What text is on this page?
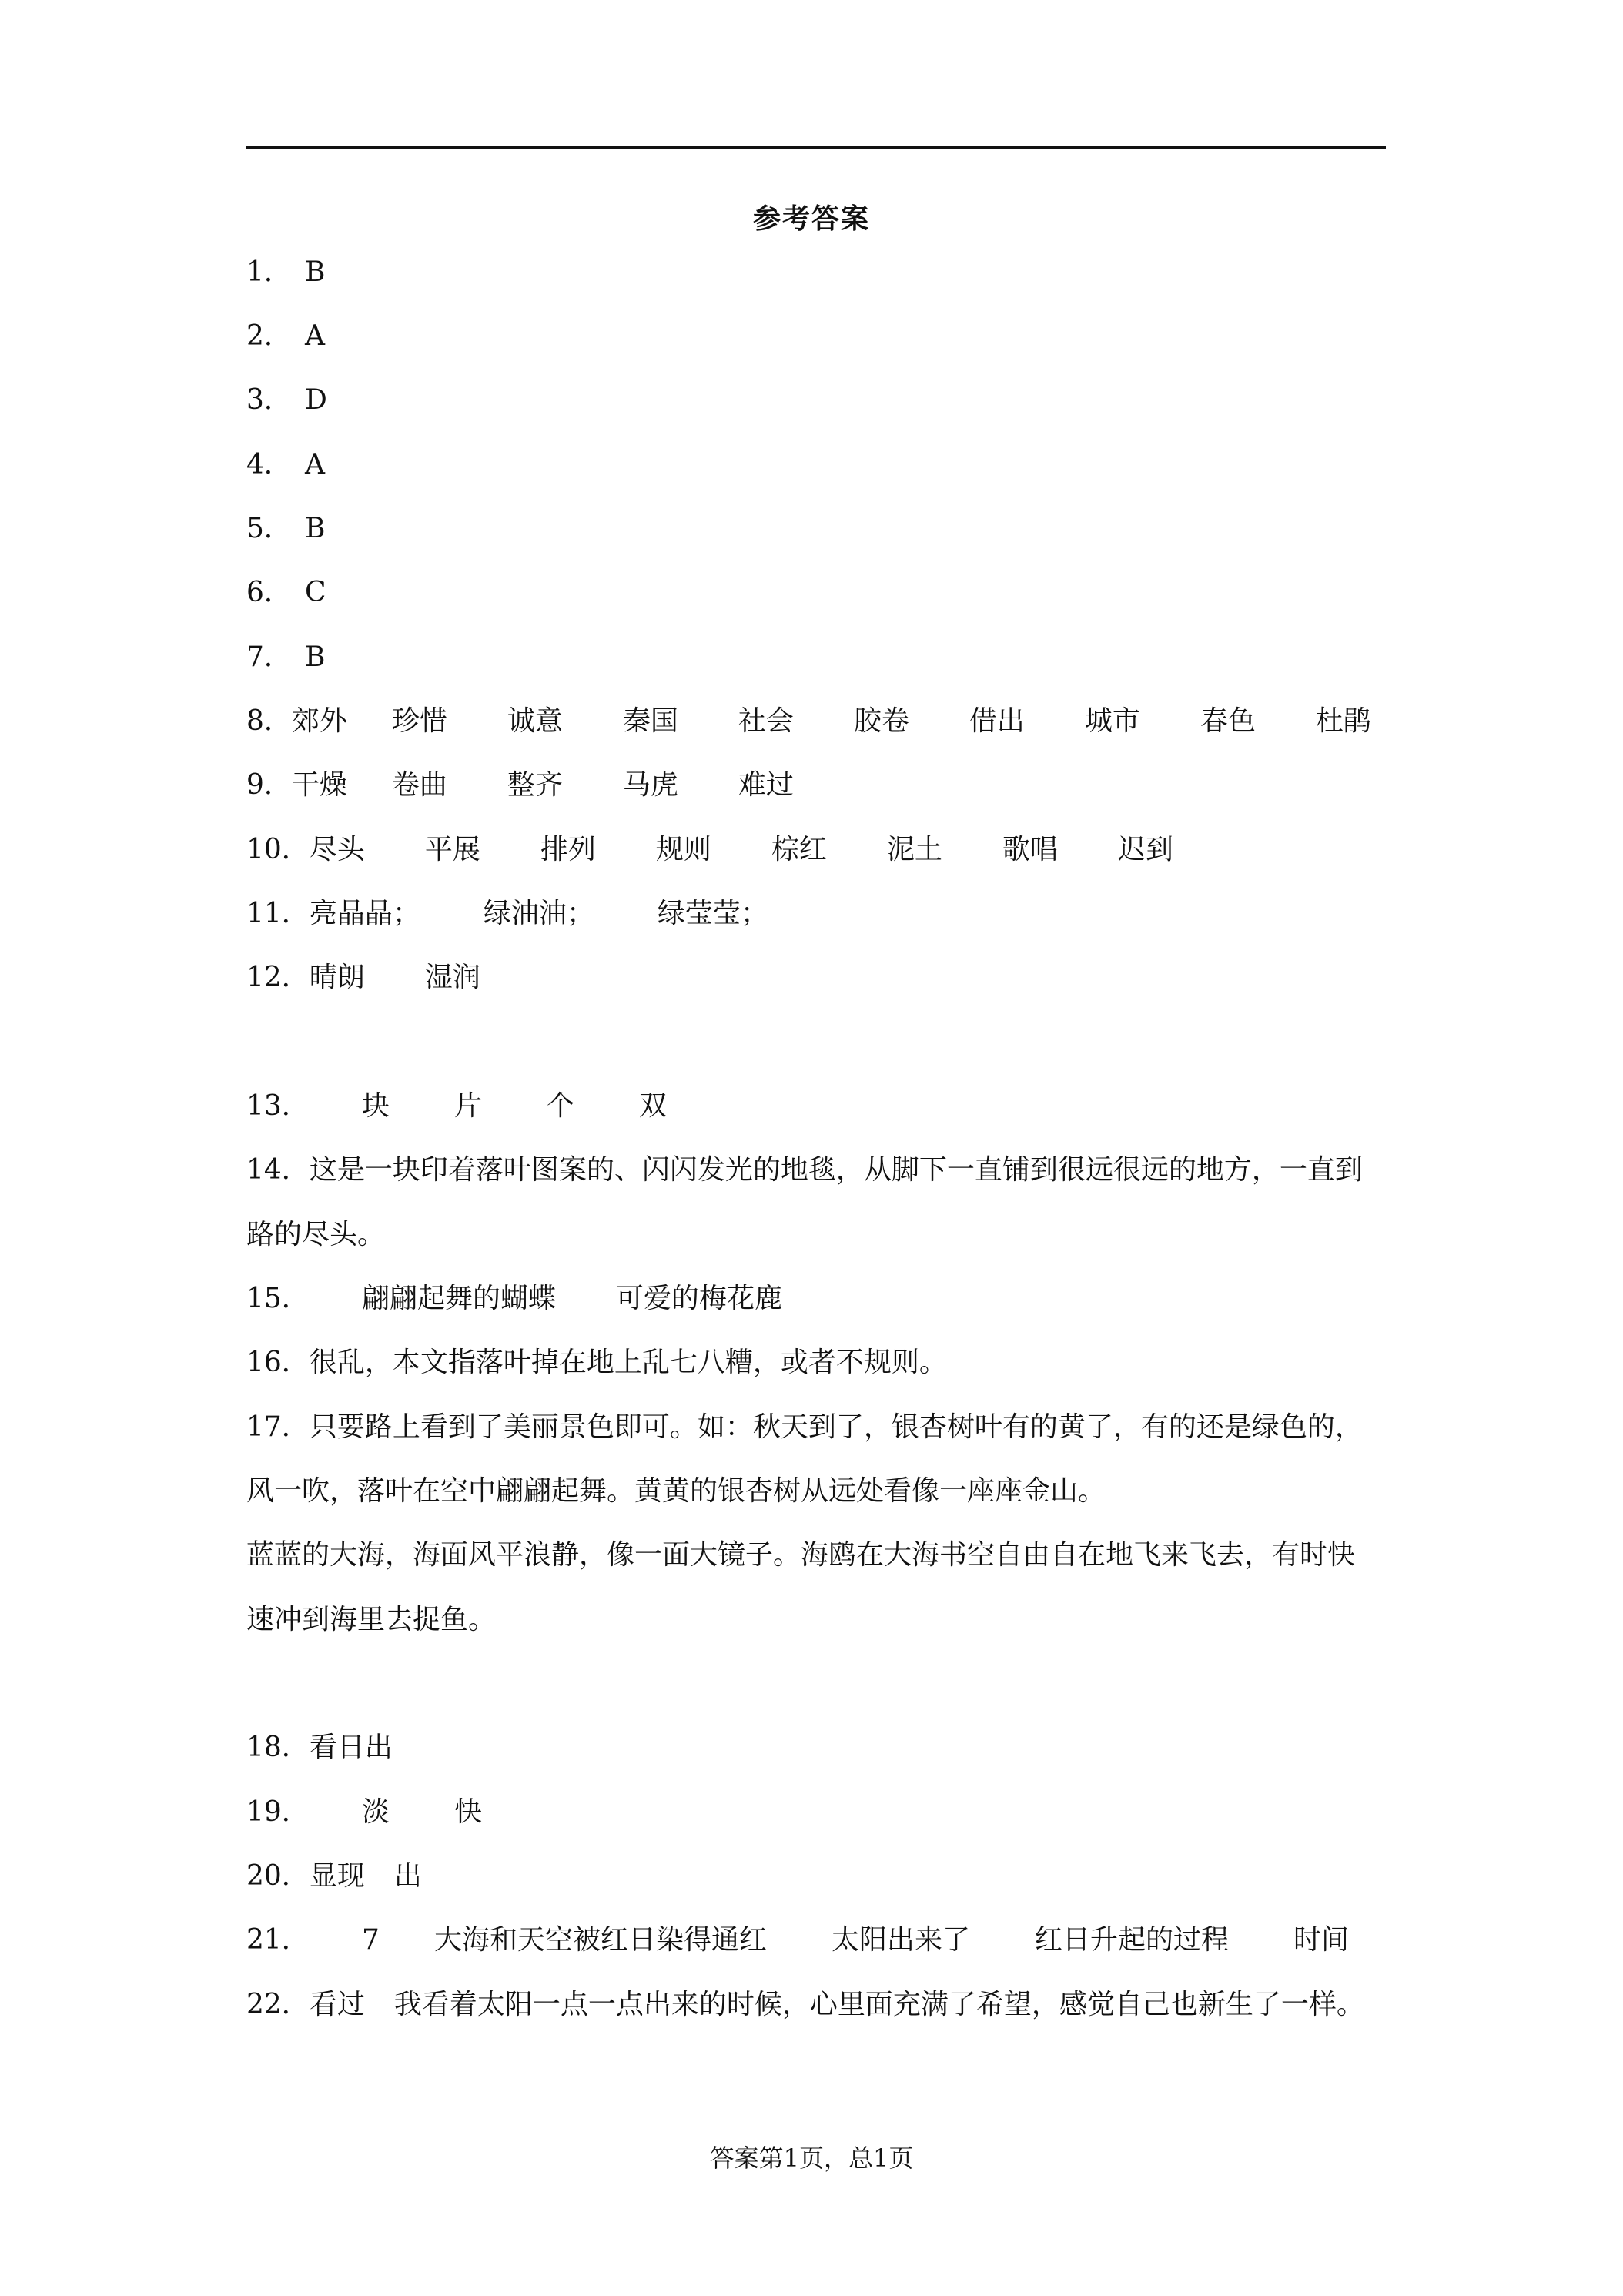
参考答案
1． B
2． A
3． D
4． A
5． B
6． C
7． B
8．郊外 珍惜 诚意 秦国 社会 胶卷 借出 城市 春色 杜鹃
9．干燥 卷曲 整齐 马虎 难过
10．尽头 平展 排列 规则 棕红 泥土 歌唱 迟到
11．亮晶晶； 绿油油； 绿莹莹；
12．晴朗 湿润
13． 块 片 个 双
14．这是一块印着落叶图案的、闪闪发光的地毯，从脚下一直铺到很远很远的地方，一直到
路的尽头。
15． 翩翩起舞的蝴蝶 可爱的梅花鹿
16．很乱，本文指落叶掉在地上乱七八糟，或者不规则。
17．只要路上看到了美丽景色即可。如：秋天到了，银杏树叶有的黄了，有的还是绿色的，
风一吹，落叶在空中翩翩起舞。黄黄的银杏树从远处看像一座座金山。
蓝蓝的大海，海面风平浪静，像一面大镜子。海鸥在大海书空自由自在地飞来飞去，有时快
速冲到海里去捉鱼。
18．看日出
19． 淡 快
20．显现 出
21． 7 大海和天空被红日染得通红 太阳出来了 红日升起的过程 时间
22．看过 我看着太阳一点一点出来的时候，心里面充满了希望，感觉自己也新生了一样。
答案第1页，总1页
